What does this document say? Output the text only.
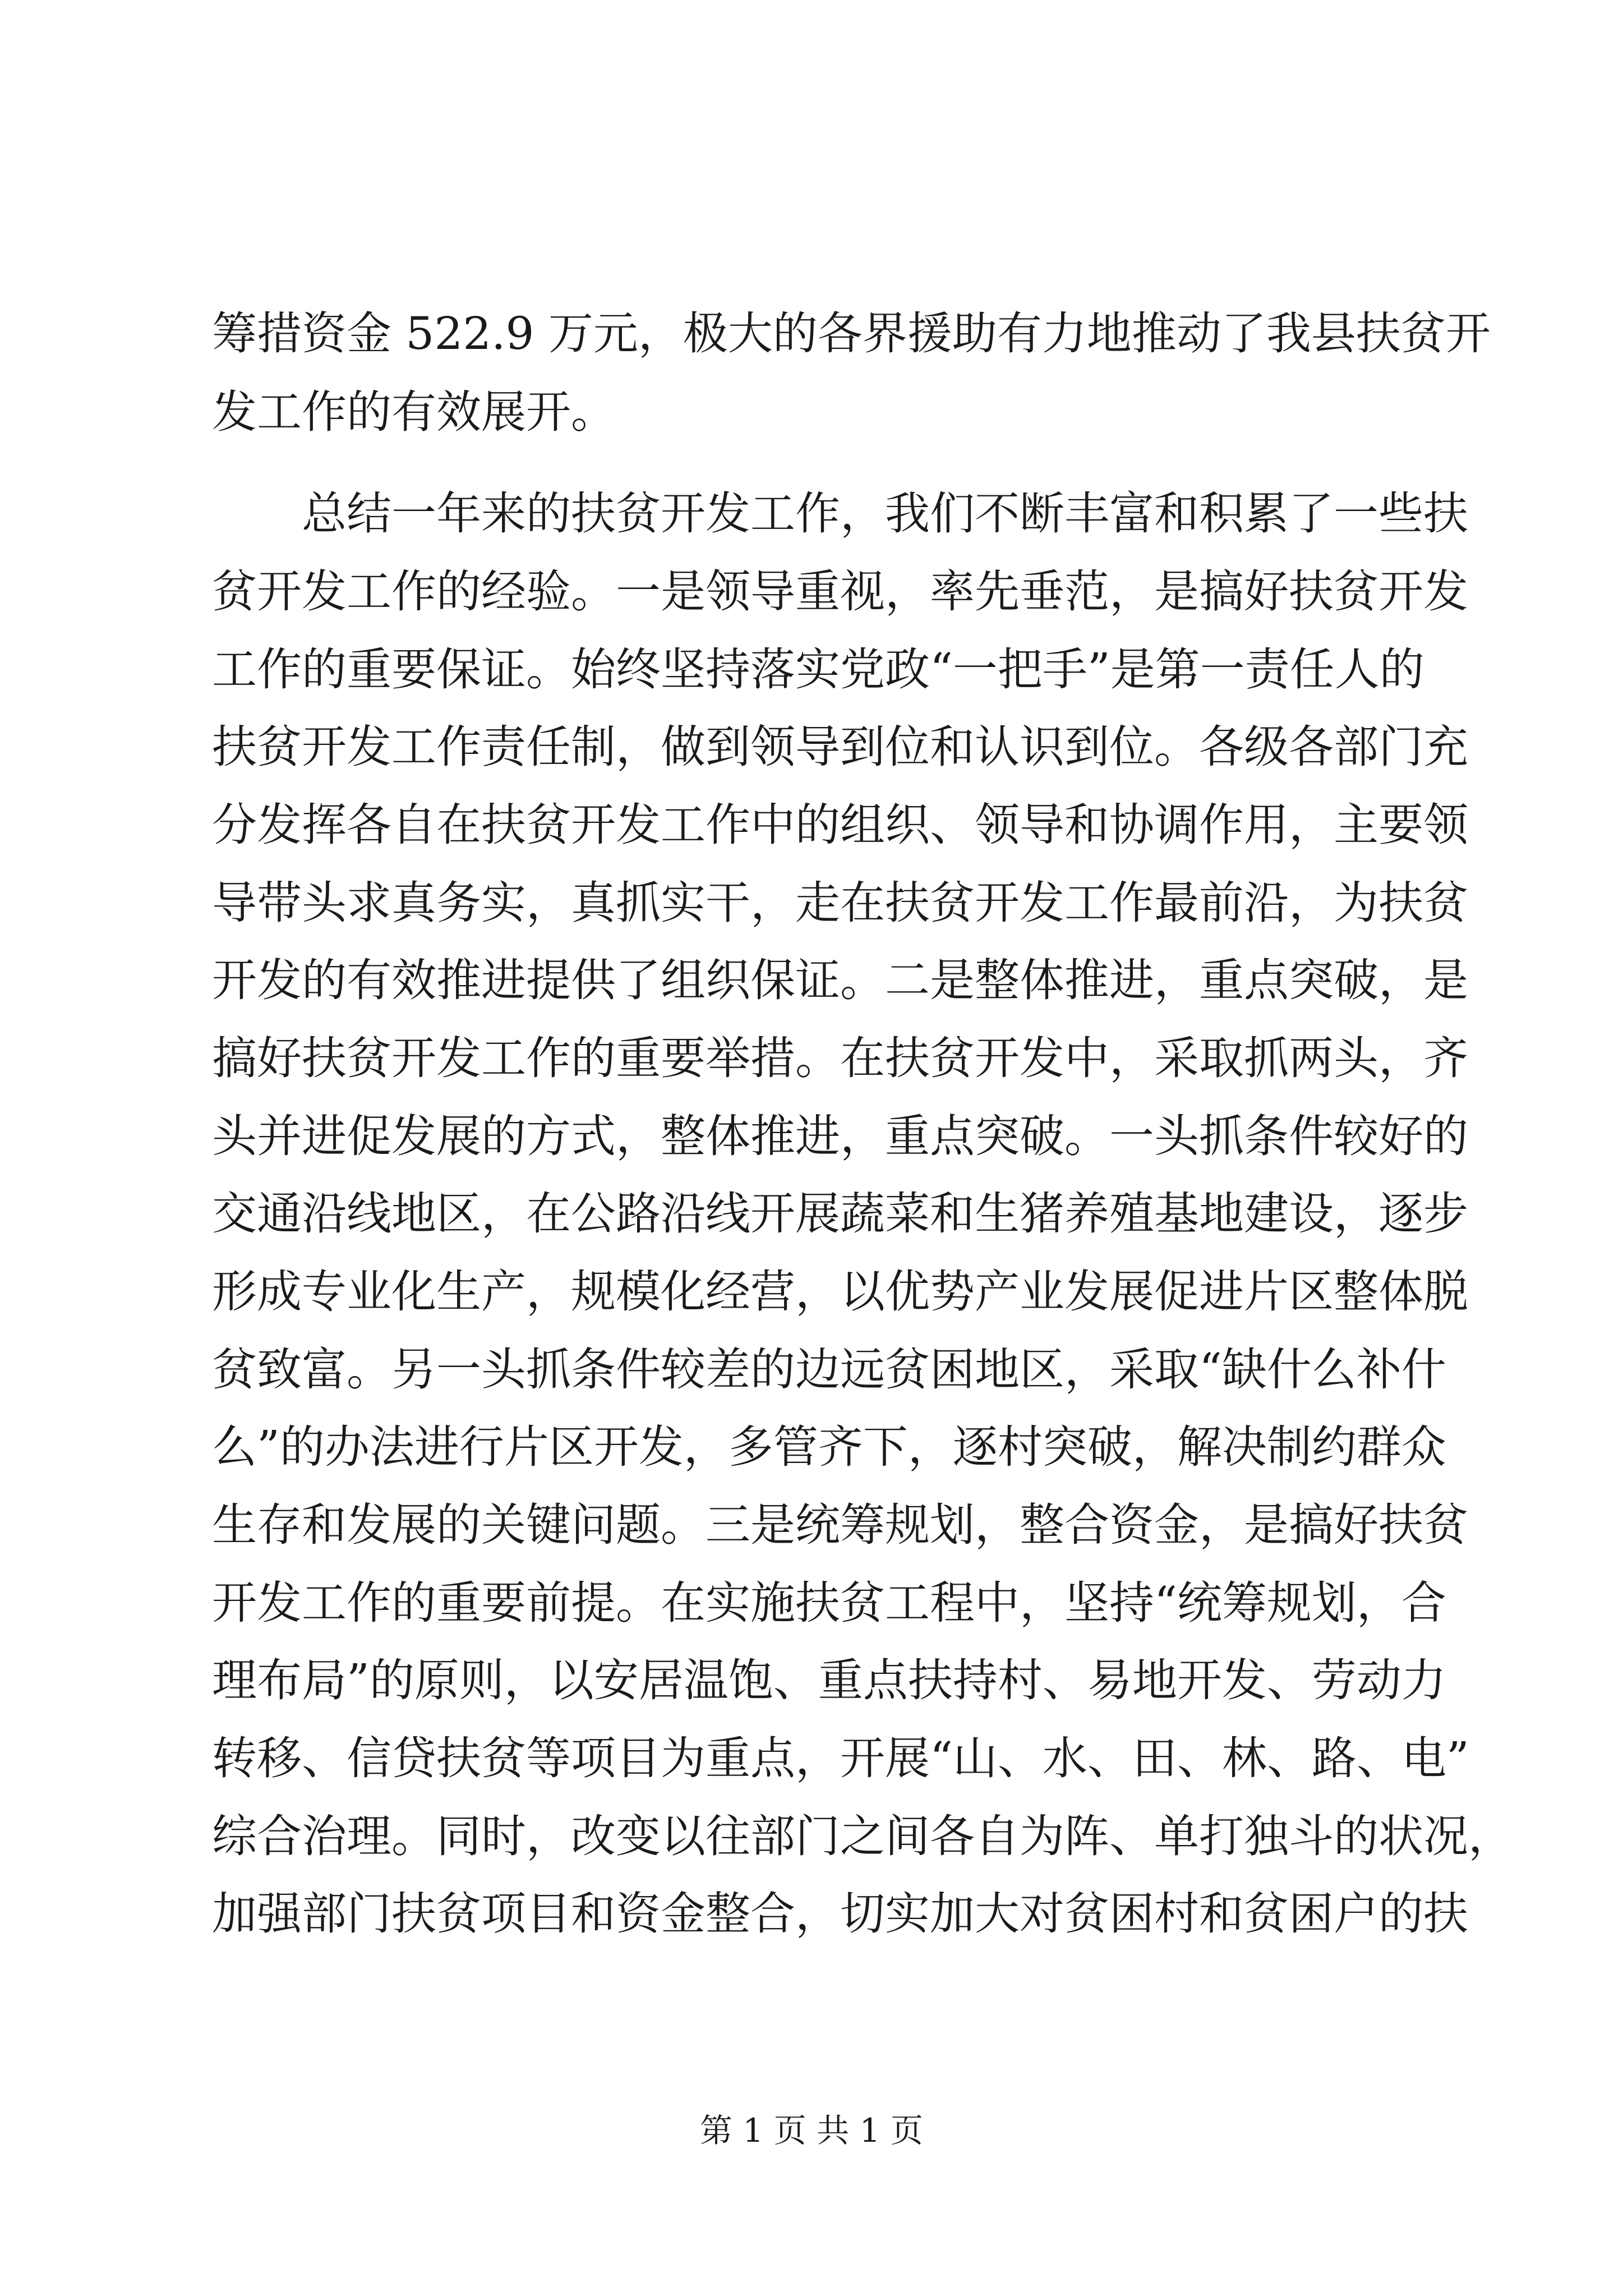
筹措资金 522.9 万元，极大的各界援助有力地推动了我县扶贫开
发工作的有效展开。
总结一年来的扶贫开发工作，我们不断丰富和积累了一些扶
贫开发工作的经验。一是领导重视，率先垂范，是搞好扶贫开发
工作的重要保证。始终坚持落实党政“一把手”是第一责任人的
扶贫开发工作责任制，做到领导到位和认识到位。各级各部门充
分发挥各自在扶贫开发工作中的组织、领导和协调作用，主要领
导带头求真务实，真抓实干，走在扶贫开发工作最前沿，为扶贫
开发的有效推进提供了组织保证。二是整体推进，重点突破，是
搞好扶贫开发工作的重要举措。在扶贫开发中，采取抓两头，齐
头并进促发展的方式，整体推进，重点突破。一头抓条件较好的
交通沿线地区，在公路沿线开展蔬菜和生猪养殖基地建设，逐步
形成专业化生产，规模化经营，以优势产业发展促进片区整体脱
贫致富。另一头抓条件较差的边远贫困地区，采取“缺什么补什
么”的办法进行片区开发，多管齐下，逐村突破，解决制约群众
生存和发展的关键问题。三是统筹规划，整合资金，是搞好扶贫
开发工作的重要前提。在实施扶贫工程中，坚持“统筹规划，合
理布局”的原则，以安居温饱、重点扶持村、易地开发、劳动力
转移、信贷扶贫等项目为重点，开展“山、水、田、林、路、电”
综合治理。同时，改变以往部门之间各自为阵、单打独斗的状况，
加强部门扶贫项目和资金整合，切实加大对贫困村和贫困户的扶
第 1 页 共 1 页
